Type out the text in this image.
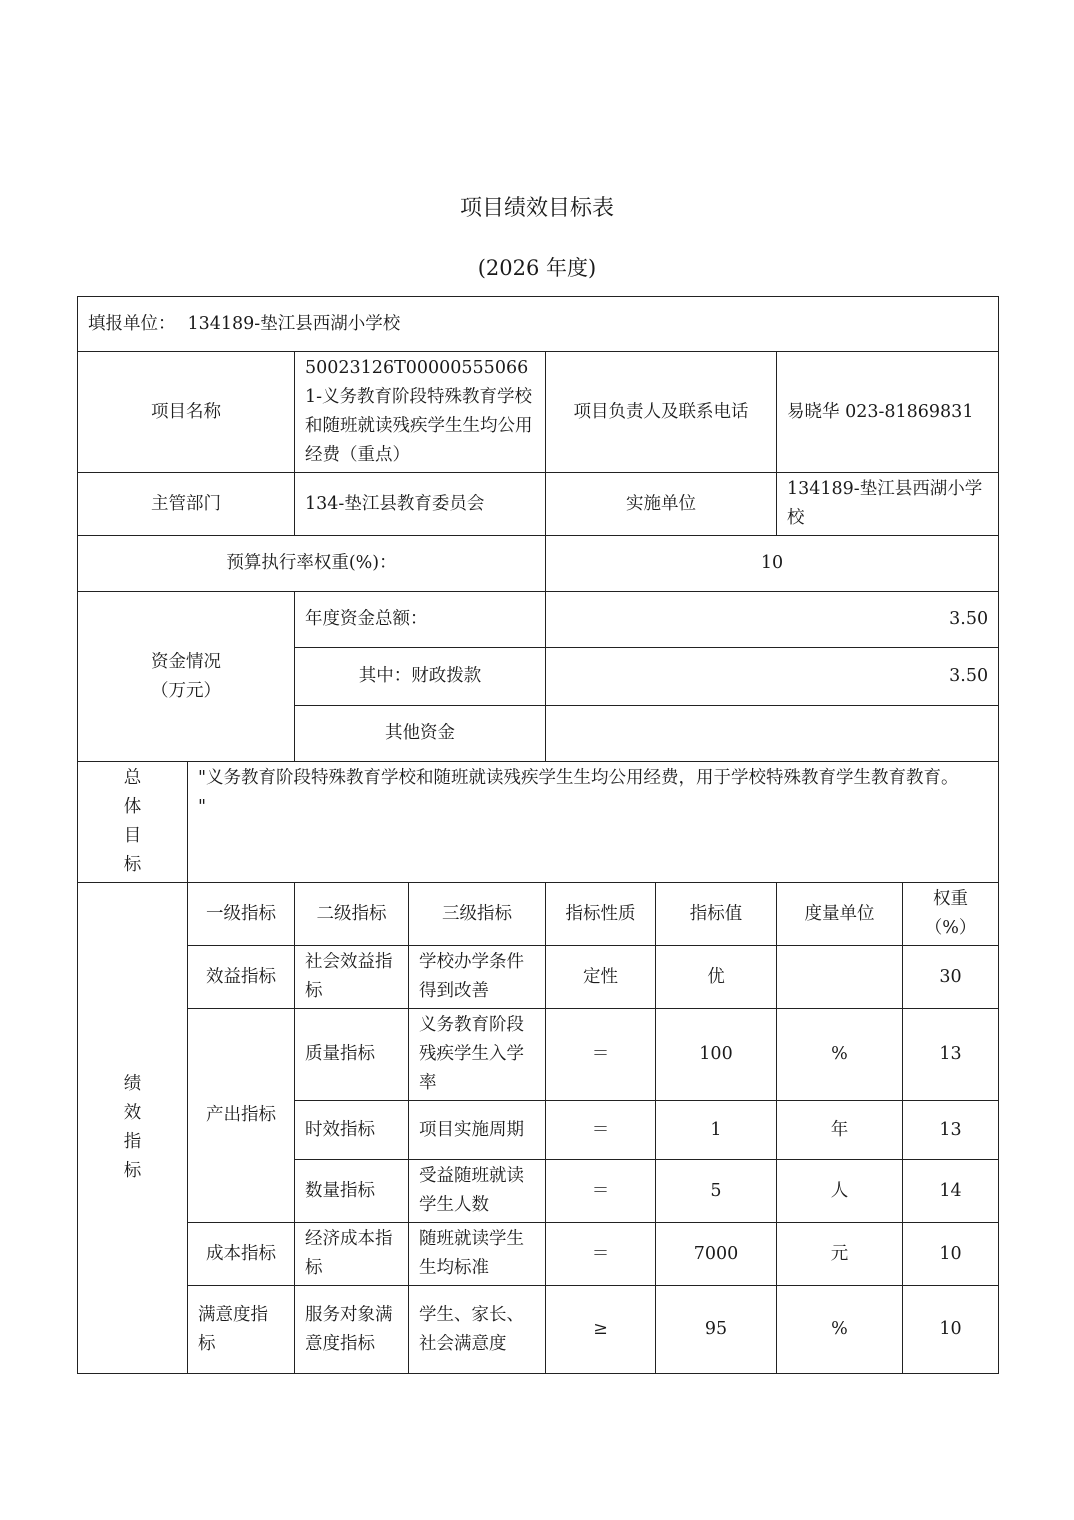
项目绩效目标表
(2026 年度)
填报单位： 134189-垫江县西湖小学校							
项目名称		50023126T000005550661-义务教育阶段特殊教育学校和随班就读残疾学生生均公用经费（重点）		项目负责人及联系电话		易晓华 023-81869831	
主管部门		134-垫江县教育委员会		实施单位		134189-垫江县西湖小学校	
预算执行率权重(%)：				10			
资金情况
（万元）		年度资金总额：		3.50			
		其中：财政拨款		3.50			
		其他资金					

总
体
目
标	"义务教育阶段特殊教育学校和随班就读残疾学生生均公用经费，用于学校特殊教育学生教育教育。
"						

绩
效
指
标	一级指标	二级指标	三级指标	指标性质	指标值	度量单位	权重（%）
	效益指标	社会效益指标	学校办学条件得到改善	定性	优		30
	产出指标	质量指标	义务教育阶段残疾学生入学率	＝	100	%	13
		时效指标	项目实施周期	＝	1	年	13
		数量指标	受益随班就读学生人数	＝	5	人	14
	成本指标	经济成本指标	随班就读学生生均标准	＝	7000	元	10
	满意度指标	服务对象满意度指标	学生、家长、社会满意度	≥	95	%	10
